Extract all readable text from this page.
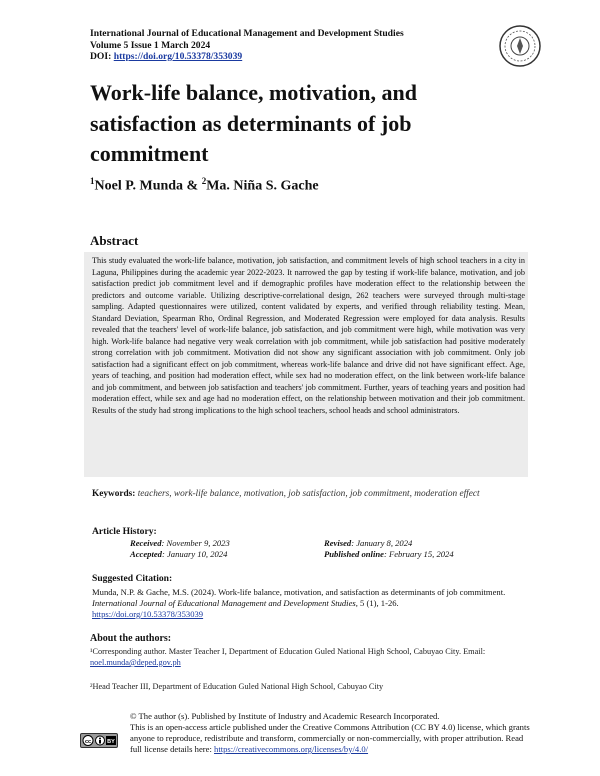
International Journal of Educational Management and Development Studies
Volume 5 Issue 1 March 2024
DOI: https://doi.org/10.53378/353039
Work-life balance, motivation, and satisfaction as determinants of job commitment
$^1$Noel P. Munda & $^2$Ma. Niña S. Gache
Abstract
This study evaluated the work-life balance, motivation, job satisfaction, and commitment levels of high school teachers in a city in Laguna, Philippines during the academic year 2022-2023. It narrowed the gap by testing if work-life balance, motivation, and job satisfaction predict job commitment level and if demographic profiles have moderation effect to the relationship between the predictors and outcome variable. Utilizing descriptive-correlational design, 262 teachers were surveyed through multi-stage sampling. Adapted questionnaires were utilized, content validated by experts, and verified through reliability testing. Mean, Standard Deviation, Spearman Rho, Ordinal Regression, and Moderated Regression were employed for data analysis. Results revealed that the teachers' level of work-life balance, job satisfaction, and job commitment were high, while motivation was very high. Work-life balance had negative very weak correlation with job commitment, while job satisfaction had positive moderately strong correlation with job commitment. Motivation did not show any significant association with job commitment. Only job satisfaction had a significant effect on job commitment, whereas work-life balance and drive did not have significant effect. Age, years of teaching, and position had moderation effect, while sex had no moderation effect, on the link between work-life balance and job commitment, and between job satisfaction and teachers' job commitment. Further, years of teaching years and position had moderation effect, while sex and age had no moderation effect, on the relationship between motivation and their job commitment. Results of the study had strong implications to the high school teachers, school heads and school administrators.
Keywords: teachers, work-life balance, motivation, job satisfaction, job commitment, moderation effect
Article History:
Received: November 9, 2023
Accepted: January 10, 2024
Revised: January 8, 2024
Published online: February 15, 2024
Suggested Citation:
Munda, N.P. & Gache, M.S. (2024). Work-life balance, motivation, and satisfaction as determinants of job commitment. International Journal of Educational Management and Development Studies, 5 (1), 1-26.
https://doi.org/10.53378/353039
About the authors:
¹Corresponding author. Master Teacher I, Department of Education Guled National High School, Cabuyao City. Email: noel.munda@deped.gov.ph
²Head Teacher III, Department of Education Guled National High School, Cabuyao City
cc	BY
© The author (s). Published by Institute of Industry and Academic Research Incorporated.
This is an open-access article published under the Creative Commons Attribution (CC BY 4.0) license, which grants anyone to reproduce, redistribute and transform, commercially or non-commercially, with proper attribution. Read full license details here: https://creativecommons.org/licenses/by/4.0/
